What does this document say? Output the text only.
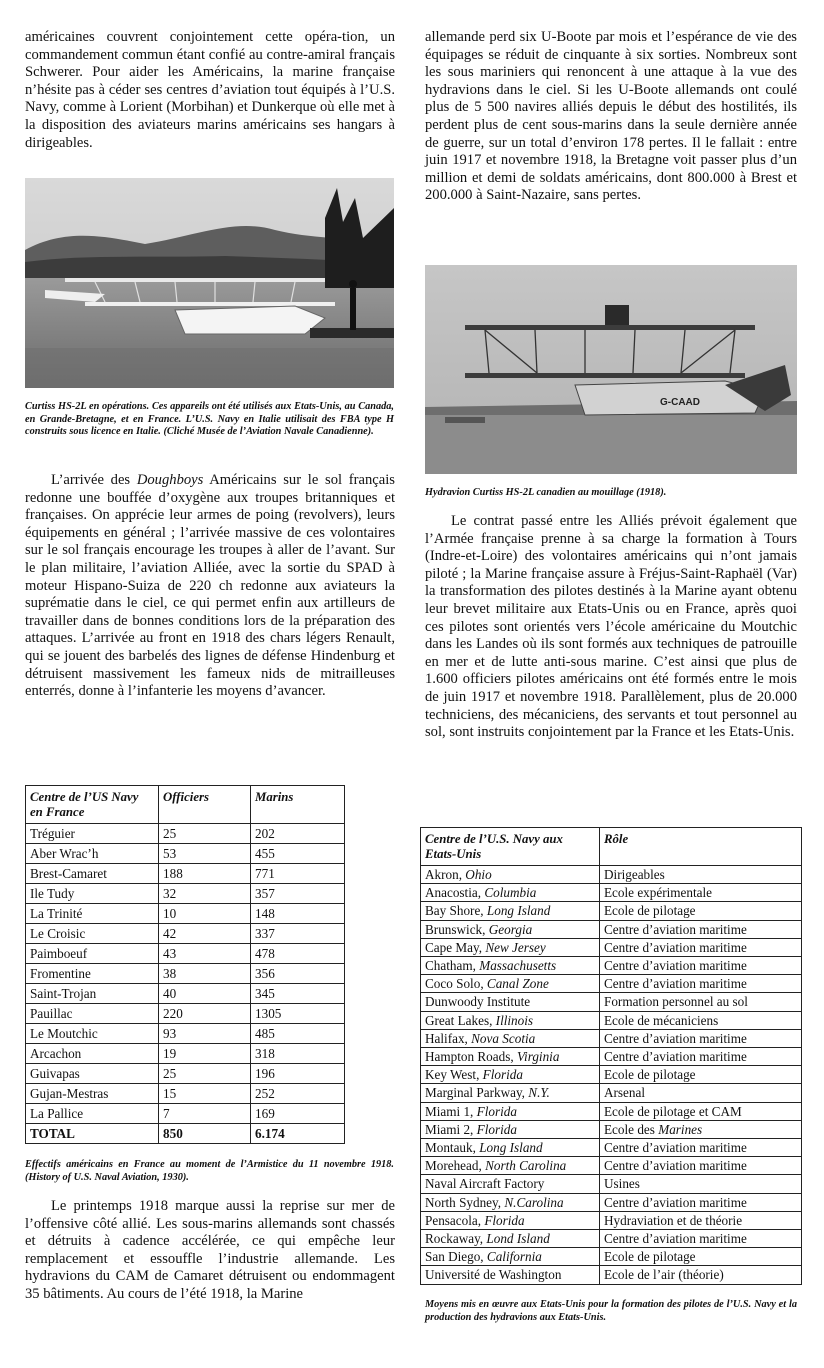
américaines couvrent conjointement cette opéra-tion, un commandement commun étant confié au contre-amiral français Schwerer. Pour aider les Américains, la marine française n’hésite pas à céder ses centres d’aviation tout équipés à l’U.S. Navy, comme à Lorient (Morbihan) et Dunkerque où elle met à la disposition des aviateurs marins américains ses hangars à dirigeables.

Curtiss HS-2L en opérations. Ces appareils ont été utilisés aux Etats-Unis, au Canada, en Grande-Bretagne, et en France. L’U.S. Navy en Italie utilisait des FBA type H construits sous licence en Italie. (Cliché Musée de l’Aviation Navale Canadienne).

L’arrivée des Doughboys Américains sur le sol français redonne une bouffée d’oxygène aux troupes britanniques et françaises. On apprécie leur armes de poing (revolvers), leurs équipements en général ; l’arrivée massive de ces volontaires sur le sol français encourage les troupes à aller de l’avant. Sur le plan militaire, l’aviation Alliée, avec la sortie du SPAD à moteur Hispano-Suiza de 220 ch redonne aux aviateurs la suprématie dans le ciel, ce qui permet enfin aux artilleurs de travailler dans de bonnes conditions lors de la préparation des attaques. L’arrivée au front en 1918 des chars légers Renault, qui se jouent des barbelés des lignes de défense Hindenburg et détruisent massivement les fameux nids de mitrailleuses enterrés, donne à l’infanterie les moyens d’avancer.

Centre de l’US Navy en France	Officiers	Marins
Tréguier	25	202
Aber Wrac’h	53	455
Brest-Camaret	188	771
Ile Tudy	32	357
La Trinité	10	148
Le Croisic	42	337
Paimboeuf	43	478
Fromentine	38	356
Saint-Trojan	40	345
Pauillac	220	1305
Le Moutchic	93	485
Arcachon	19	318
Guivapas	25	196
Gujan-Mestras	15	252
La Pallice	7	169
TOTAL	850	6.174

Effectifs américains en France au moment de l’Armistice du 11 novembre 1918. (History of U.S. Naval Aviation, 1930).

Le printemps 1918 marque aussi la reprise sur mer de l’offensive côté allié. Les sous-marins allemands sont chassés et détruits à cadence accélérée, ce qui empêche leur remplacement et essouffle l’industrie allemande. Les hydravions du CAM de Camaret détruisent ou endommagent 35 bâtiments. Au cours de l’été 1918, la Marine

allemande perd six U-Boote par mois et l’espérance de vie des équipages se réduit de cinquante à six sorties. Nombreux sont les sous mariniers qui renoncent à une attaque à la vue des hydravions dans le ciel. Si les U-Boote allemands ont coulé plus de 5 500 navires alliés depuis le début des hostilités, ils perdent plus de cent sous-marins dans la seule dernière année de guerre, sur un total d’environ 178 pertes. Il le fallait : entre juin 1917 et novembre 1918, la Bretagne voit passer plus d’un million et demi de soldats américains, dont 800.000 à Brest et 200.000 à Saint-Nazaire, sans pertes.

G-CAAD

Hydravion Curtiss HS-2L canadien au mouillage (1918).

Le contrat passé entre les Alliés prévoit également que l’Armée française prenne à sa charge la formation à Tours (Indre-et-Loire) des volontaires américains qui n’ont jamais piloté ; la Marine française assure à Fréjus-Saint-Raphaël (Var) la transformation des pilotes destinés à la Marine ayant obtenu leur brevet militaire aux Etats-Unis ou en France, après quoi ces pilotes sont orientés vers l’école américaine du Moutchic dans les Landes où ils sont formés aux techniques de patrouille en mer et de lutte anti-sous marine. C’est ainsi que plus de 1.600 officiers pilotes américains ont été formés entre le mois de juin 1917 et novembre 1918. Parallèlement, plus de 20.000 techniciens, des mécaniciens, des servants et tout personnel au sol, sont instruits conjointement par la France et les Etats-Unis.

Centre de l’U.S. Navy aux Etats-Unis	Rôle
Akron, Ohio	Dirigeables
Anacostia, Columbia	Ecole expérimentale
Bay Shore, Long Island	Ecole de pilotage
Brunswick, Georgia	Centre d’aviation maritime
Cape May, New Jersey	Centre d’aviation maritime
Chatham, Massachusetts	Centre d’aviation maritime
Coco Solo, Canal Zone	Centre d’aviation maritime
Dunwoody Institute	Formation personnel au sol
Great Lakes, Illinois	Ecole de mécaniciens
Halifax, Nova Scotia	Centre d’aviation maritime
Hampton Roads, Virginia	Centre d’aviation maritime
Key West, Florida	Ecole de pilotage
Marginal Parkway, N.Y.	Arsenal
Miami 1, Florida	Ecole de pilotage et CAM
Miami 2, Florida	Ecole des Marines
Montauk, Long Island	Centre d’aviation maritime
Morehead, North Carolina	Centre d’aviation maritime
Naval Aircraft Factory	Usines
North Sydney, N.Carolina	Centre d’aviation maritime
Pensacola, Florida	Hydraviation et de théorie
Rockaway, Lond Island	Centre d’aviation maritime
San Diego, California	Ecole de pilotage
Université de Washington	Ecole de l’air (théorie)

Moyens mis en œuvre aux Etats-Unis pour la formation des pilotes de l’U.S. Navy et la production des hydravions aux Etats-Unis.
